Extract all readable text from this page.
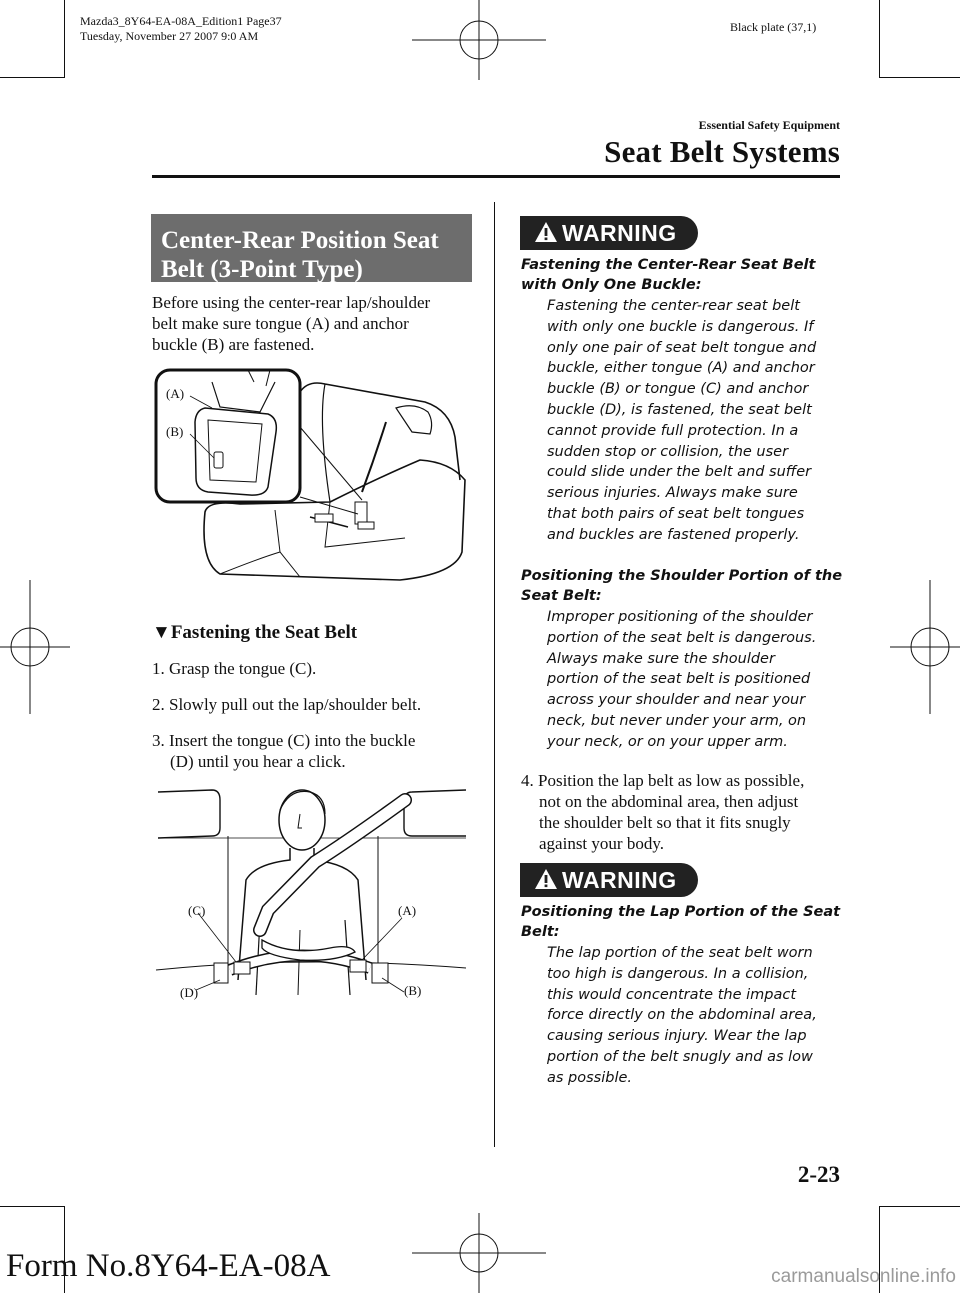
Mazda3_8Y64-EA-08A_Edition1 Page37
Tuesday, November 27 2007 9:0 AM
Black plate (37,1)
Essential Safety Equipment
Seat Belt Systems
Center-Rear Position Seat
Belt (3-Point Type)
Before using the center-rear lap/shoulder
belt make sure tongue (A) and anchor
buckle (B) are fastened.
(A)
(B)
▼Fastening the Seat Belt
1. Grasp the tongue (C).
2. Slowly pull out the lap/shoulder belt.
3. Insert the tongue (C) into the buckle
(D) until you hear a click.
(C)	(A)
(D)	(B)
WARNING
Fastening the Center-Rear Seat Belt
with Only One Buckle:
Fastening the center-rear seat belt
with only one buckle is dangerous. If
only one pair of seat belt tongue and
buckle, either tongue (A) and anchor
buckle (B) or tongue (C) and anchor
buckle (D), is fastened, the seat belt
cannot provide full protection. In a
sudden stop or collision, the user
could slide under the belt and suffer
serious injuries. Always make sure
that both pairs of seat belt tongues
and buckles are fastened properly.
Positioning the Shoulder Portion of the
Seat Belt:
Improper positioning of the shoulder
portion of the seat belt is dangerous.
Always make sure the shoulder
portion of the seat belt is positioned
across your shoulder and near your
neck, but never under your arm, on
your neck, or on your upper arm.
4. Position the lap belt as low as possible,
not on the abdominal area, then adjust
the shoulder belt so that it fits snugly
against your body.
WARNING
Positioning the Lap Portion of the Seat
Belt:
The lap portion of the seat belt worn
too high is dangerous. In a collision,
this would concentrate the impact
force directly on the abdominal area,
causing serious injury. Wear the lap
portion of the belt snugly and as low
as possible.
2-23
Form No.8Y64-EA-08A	carmanualsonline.info
